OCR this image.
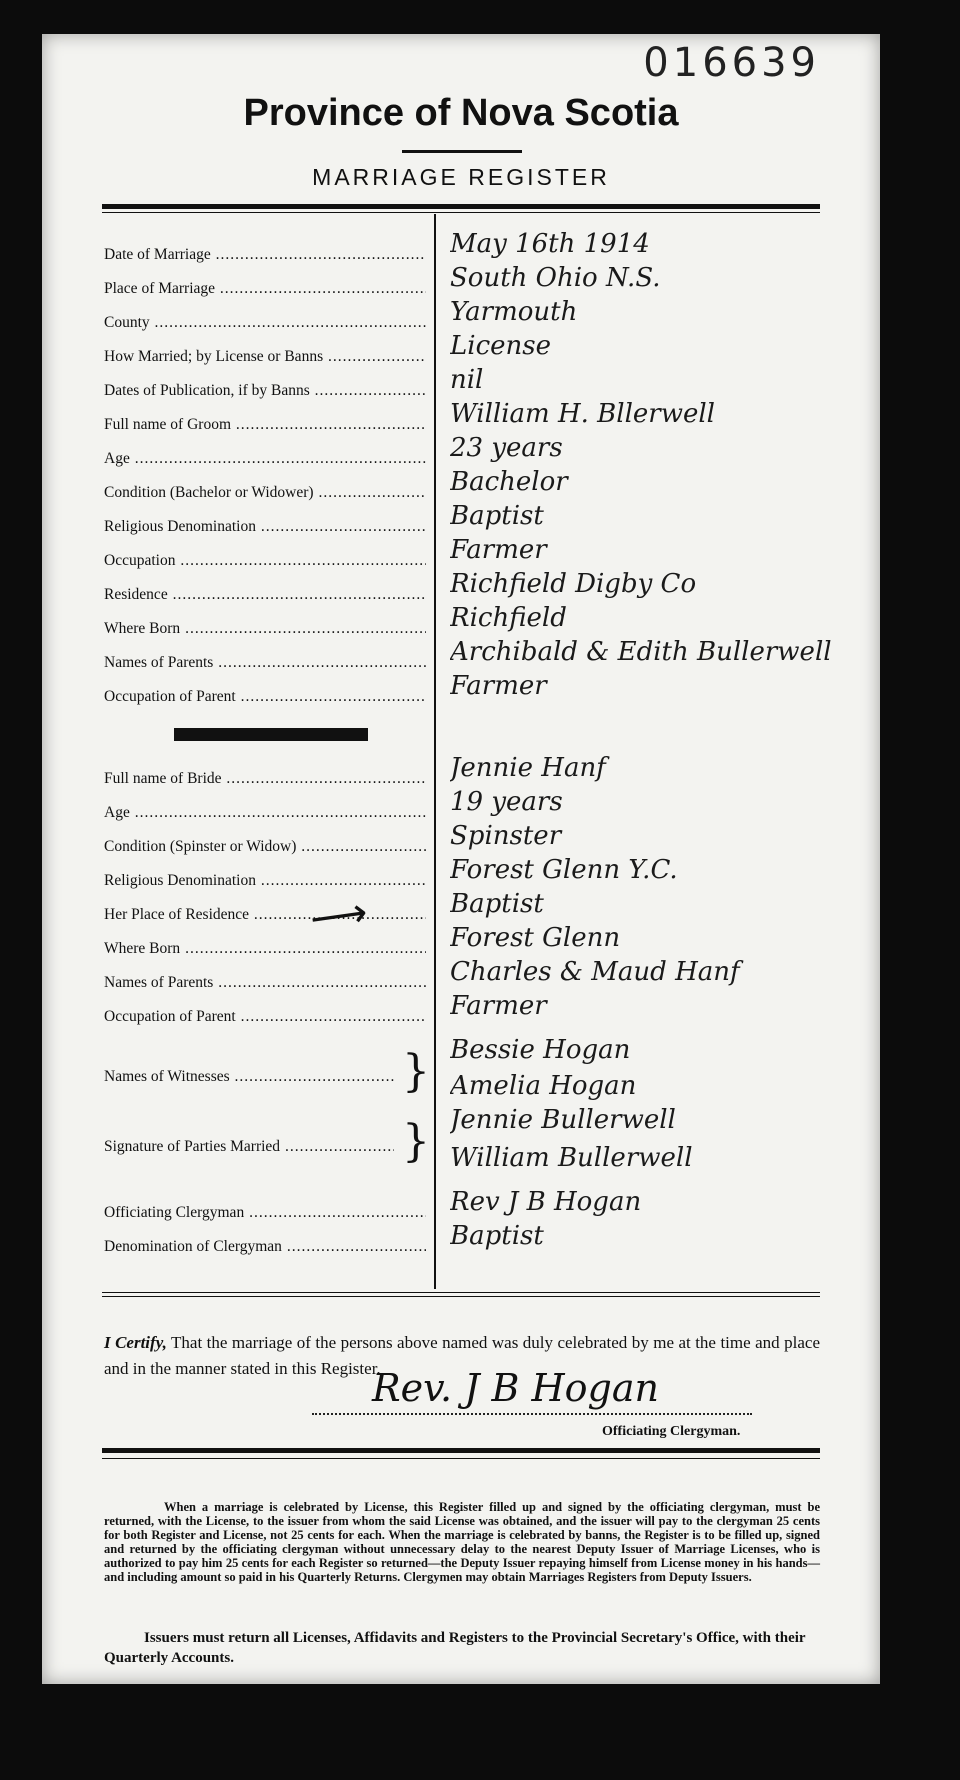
016639
Province of Nova Scotia
MARRIAGE REGISTER
Date of Marriage .....	May 16th 1914
Place of Marriage .....	South Ohio N.S.
County .....	Yarmouth
How Married; by License or Banns .....	License
Dates of Publication, if by Banns .....	nil
Full name of Groom .....	William H. Bllerwell
Age .....	23 years
Condition (Bachelor or Widower) .....	Bachelor
Religious Denomination .....	Baptist
Occupation .....	Farmer
Residence .....	Richfield Digby Co
Where Born .....	Richfield
Names of Parents .....	Archibald & Edith Bullerwell
Occupation of Parent .....	Farmer
Full name of Bride .....	Jennie Hanf
Age .....	19 years
Condition (Spinster or Widow) .....	Spinster
Religious Denomination .....	Forest Glenn Y.C.
Her Place of Residence .....	Baptist
⟶
Where Born .....	Forest Glenn
Names of Parents .....	Charles & Maud Hanf
Occupation of Parent .....	Farmer
Names of Witnesses .....	} Bessie Hogan
Amelia Hogan
Signature of Parties Married .....	} Jennie Bullerwell
William Bullerwell
Officiating Clergyman .....	Rev J B Hogan
Denomination of Clergyman .....	Baptist
I Certify, That the marriage of the persons above named was duly celebrated by me at the time and place and in the manner stated in this Register.
Rev. J B Hogan
Officiating Clergyman.
When a marriage is celebrated by License, this Register filled up and signed by the officiating clergyman, must be returned, with the License, to the issuer from whom the said License was obtained, and the issuer will pay to the clergyman 25 cents for both Register and License, not 25 cents for each. When the marriage is celebrated by banns, the Register is to be filled up, signed and returned by the officiating clergyman without unnecessary delay to the nearest Deputy Issuer of Marriage Licenses, who is authorized to pay him 25 cents for each Register so returned—the Deputy Issuer repaying himself from License money in his hands—and including amount so paid in his Quarterly Returns. Clergymen may obtain Marriages Registers from Deputy Issuers.
Issuers must return all Licenses, Affidavits and Registers to the Provincial Secretary's Office, with their Quarterly Accounts.
